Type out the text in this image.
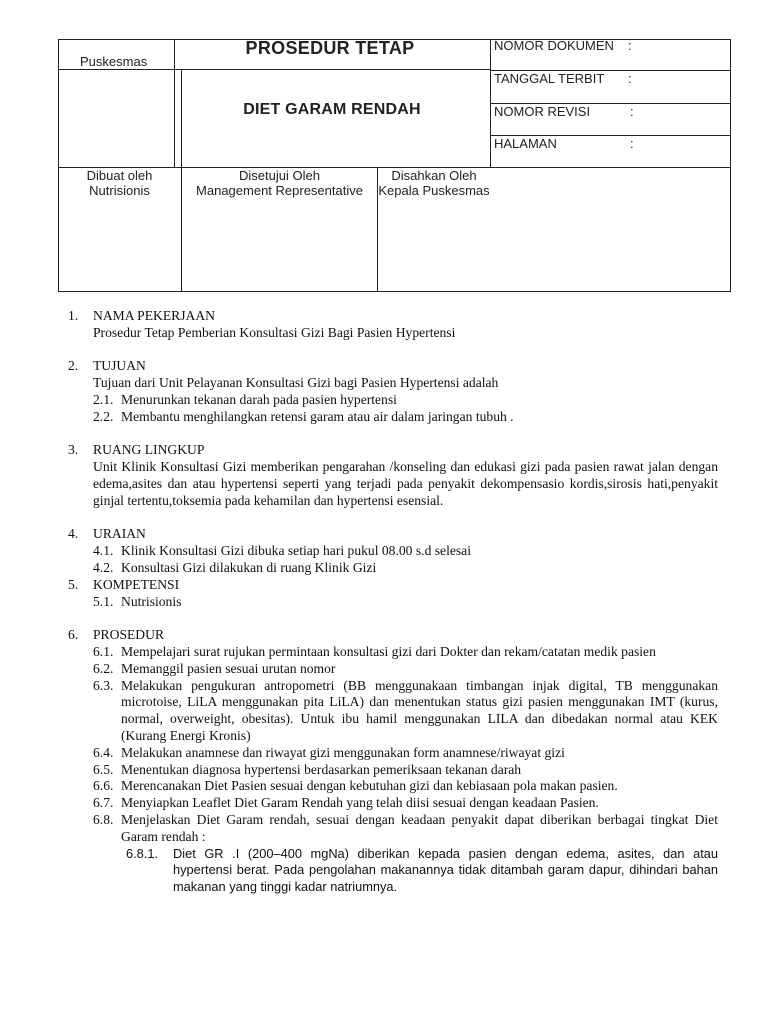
Puskesmas
PROSEDUR TETAP
DIET GARAM RENDAH
NOMOR DOKUMEN :
TANGGAL TERBIT :
NOMOR REVISI	:
HALAMAN	:
Dibuat oleh
Nutrisionis
Disetujui Oleh
Management Representative
Disahkan Oleh
Kepala Puskesmas
1. NAMA PEKERJAAN
Prosedur Tetap Pemberian Konsultasi Gizi Bagi Pasien Hypertensi
2. TUJUAN
Tujuan dari Unit Pelayanan Konsultasi Gizi bagi Pasien Hypertensi adalah
2.1. Menurunkan tekanan darah pada pasien hypertensi
2.2. Membantu menghilangkan retensi garam atau air dalam jaringan tubuh .
3. RUANG LINGKUP
Unit Klinik Konsultasi Gizi memberikan pengarahan /konseling dan edukasi gizi pada pasien rawat jalan dengan edema,asites dan atau hypertensi seperti yang terjadi pada penyakit dekompensasio kordis,sirosis hati,penyakit ginjal tertentu,toksemia pada kehamilan dan hypertensi esensial.
4. URAIAN
4.1. Klinik Konsultasi Gizi dibuka setiap hari pukul 08.00 s.d selesai
4.2. Konsultasi Gizi dilakukan di ruang Klinik Gizi
5. KOMPETENSI
5.1. Nutrisionis
6. PROSEDUR
6.1. Mempelajari surat rujukan permintaan konsultasi gizi dari Dokter dan rekam/catatan medik pasien
6.2. Memanggil pasien sesuai urutan nomor
6.3. Melakukan pengukuran antropometri (BB menggunakaan timbangan injak digital, TB menggunakan microtoise, LiLA menggunakan pita LiLA) dan menentukan status gizi pasien menggunakan IMT (kurus, normal, overweight, obesitas). Untuk ibu hamil menggunakan LILA dan dibedakan normal atau KEK (Kurang Energi Kronis)
6.4. Melakukan anamnese dan riwayat gizi menggunakan form anamnese/riwayat gizi
6.5. Menentukan diagnosa hypertensi berdasarkan pemeriksaan tekanan darah
6.6. Merencanakan Diet Pasien sesuai dengan kebutuhan gizi dan kebiasaan pola makan pasien.
6.7. Menyiapkan Leaflet Diet Garam Rendah yang telah diisi sesuai dengan keadaan Pasien.
6.8. Menjelaskan Diet Garam rendah, sesuai dengan keadaan penyakit dapat diberikan berbagai tingkat Diet Garam rendah :
6.8.1. Diet GR .I (200–400 mgNa) diberikan kepada pasien dengan edema, asites, dan atau hypertensi berat. Pada pengolahan makanannya tidak ditambah garam dapur, dihindari bahan makanan yang tinggi kadar natriumnya.
